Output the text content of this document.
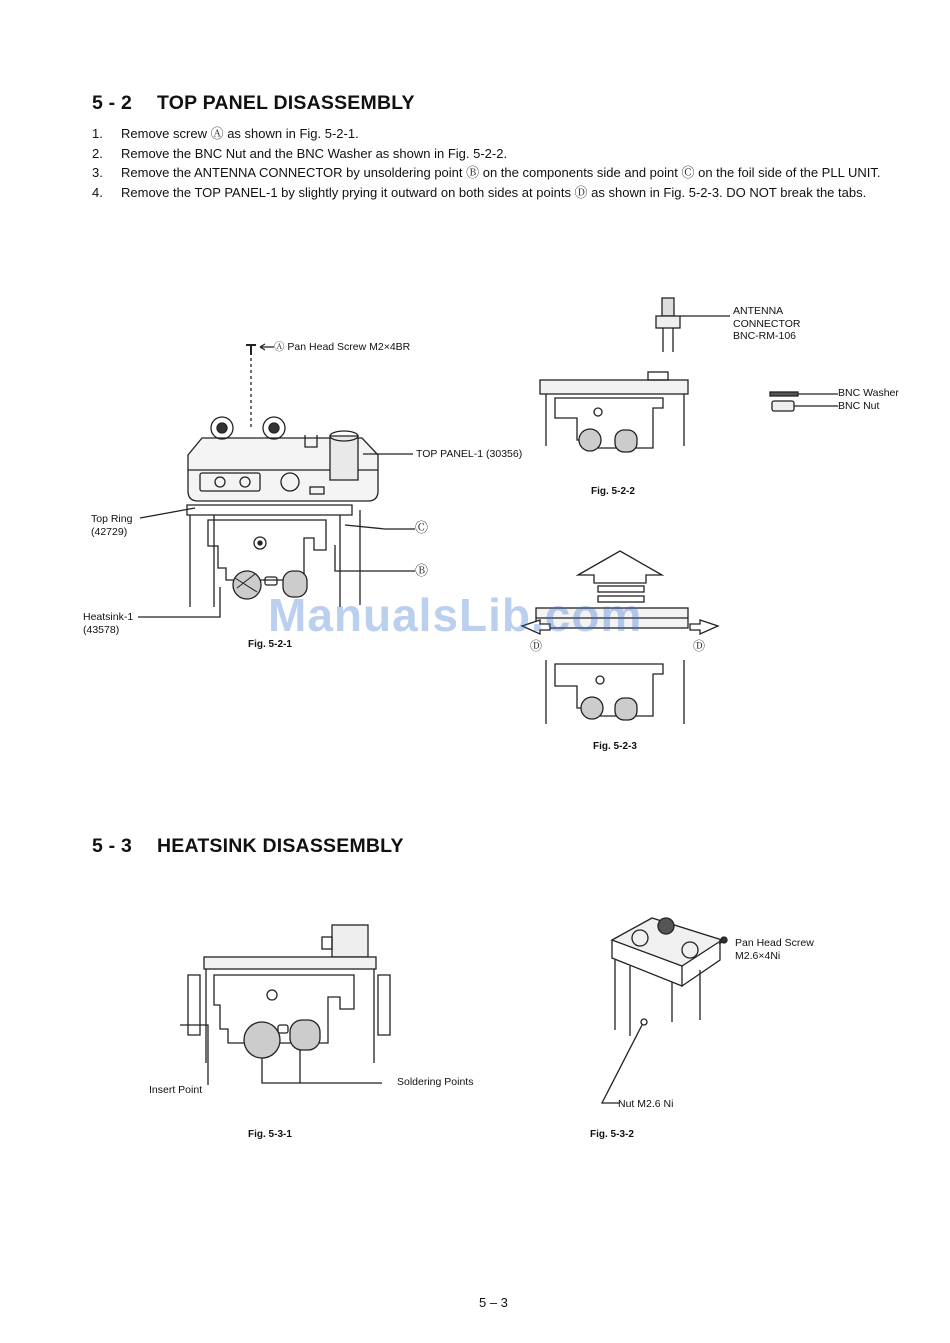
5 - 2 TOP PANEL DISASSEMBLY
1.	Remove screw Ⓐ as shown in Fig. 5-2-1.
2.	Remove the BNC Nut and the BNC Washer as shown in Fig. 5-2-2.
3.	Remove the ANTENNA CONNECTOR by unsoldering point Ⓑ on the components side and point Ⓒ on the foil side of the PLL UNIT.
4.	Remove the TOP PANEL-1 by slightly prying it outward on both sides at points Ⓓ as shown in Fig. 5-2-3. DO NOT break the tabs.
Ⓐ Pan Head Screw M2×4BR
TOP PANEL-1 (30356)
Top Ring
(42729)
Heatsink-1
(43578)
Ⓒ
Ⓑ
Fig. 5-2-1
ANTENNA
CONNECTOR
BNC-RM-106
BNC Washer
BNC Nut
Fig. 5-2-2
Ⓓ	Ⓓ
Fig. 5-2-3
5 - 3 HEATSINK DISASSEMBLY
Insert Point
Soldering Points
Fig. 5-3-1
Pan Head Screw
M2.6×4Ni
Nut M2.6 Ni
Fig. 5-3-2
ManualsLib.com
5 – 3
